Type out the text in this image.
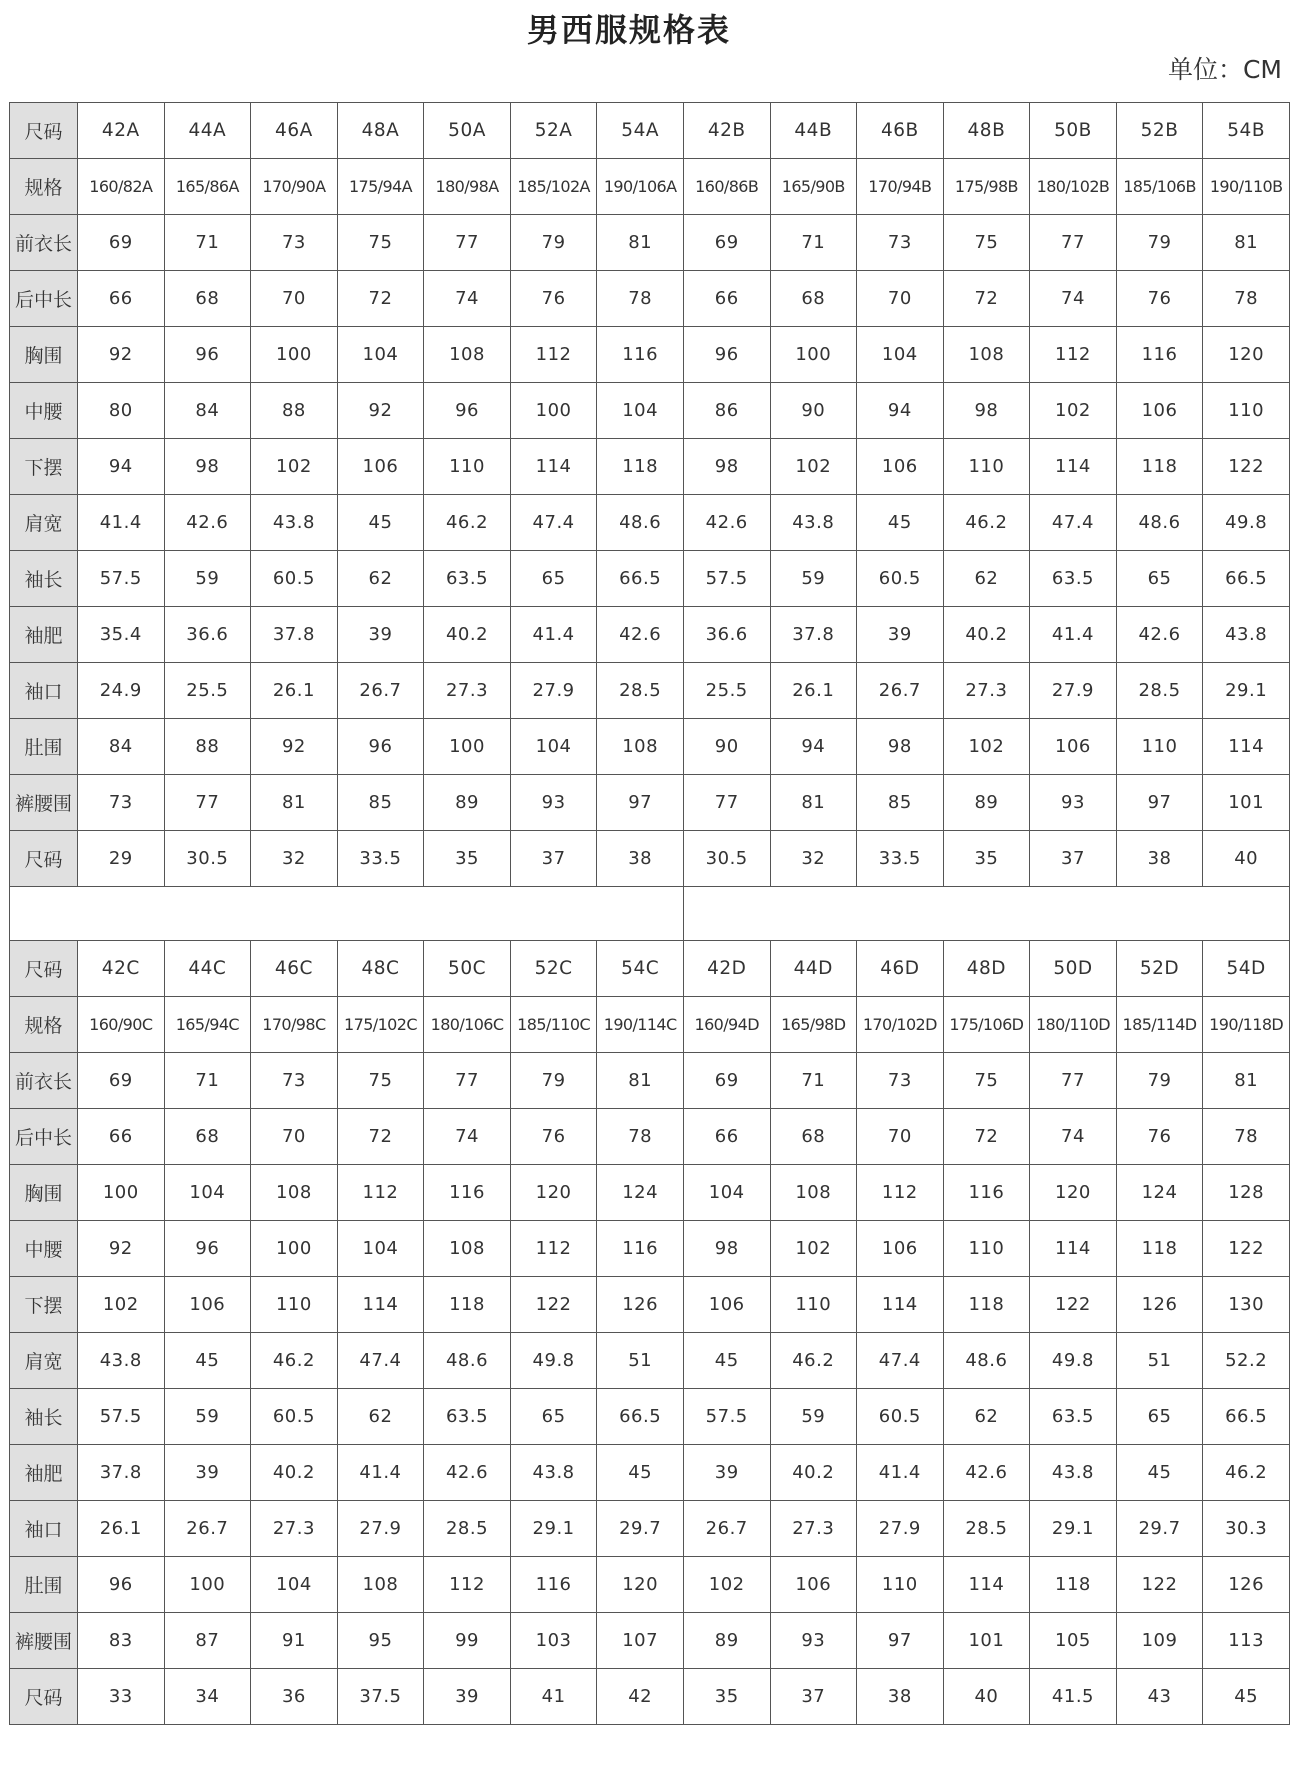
男西服规格表
单位：CM
尺码	42A	44A	46A	48A	50A	52A	54A	42B	44B	46B	48B	50B	52B	54B
规格	160/82A	165/86A	170/90A	175/94A	180/98A	185/102A	190/106A	160/86B	165/90B	170/94B	175/98B	180/102B	185/106B	190/110B
前衣长	69	71	73	75	77	79	81	69	71	73	75	77	79	81
后中长	66	68	70	72	74	76	78	66	68	70	72	74	76	78
胸围	92	96	100	104	108	112	116	96	100	104	108	112	116	120
中腰	80	84	88	92	96	100	104	86	90	94	98	102	106	110
下摆	94	98	102	106	110	114	118	98	102	106	110	114	118	122
肩宽	41.4	42.6	43.8	45	46.2	47.4	48.6	42.6	43.8	45	46.2	47.4	48.6	49.8
袖长	57.5	59	60.5	62	63.5	65	66.5	57.5	59	60.5	62	63.5	65	66.5
袖肥	35.4	36.6	37.8	39	40.2	41.4	42.6	36.6	37.8	39	40.2	41.4	42.6	43.8
袖口	24.9	25.5	26.1	26.7	27.3	27.9	28.5	25.5	26.1	26.7	27.3	27.9	28.5	29.1
肚围	84	88	92	96	100	104	108	90	94	98	102	106	110	114
裤腰围	73	77	81	85	89	93	97	77	81	85	89	93	97	101
尺码	29	30.5	32	33.5	35	37	38	30.5	32	33.5	35	37	38	40

尺码	42C	44C	46C	48C	50C	52C	54C	42D	44D	46D	48D	50D	52D	54D
规格	160/90C	165/94C	170/98C	175/102C	180/106C	185/110C	190/114C	160/94D	165/98D	170/102D	175/106D	180/110D	185/114D	190/118D
前衣长	69	71	73	75	77	79	81	69	71	73	75	77	79	81
后中长	66	68	70	72	74	76	78	66	68	70	72	74	76	78
胸围	100	104	108	112	116	120	124	104	108	112	116	120	124	128
中腰	92	96	100	104	108	112	116	98	102	106	110	114	118	122
下摆	102	106	110	114	118	122	126	106	110	114	118	122	126	130
肩宽	43.8	45	46.2	47.4	48.6	49.8	51	45	46.2	47.4	48.6	49.8	51	52.2
袖长	57.5	59	60.5	62	63.5	65	66.5	57.5	59	60.5	62	63.5	65	66.5
袖肥	37.8	39	40.2	41.4	42.6	43.8	45	39	40.2	41.4	42.6	43.8	45	46.2
袖口	26.1	26.7	27.3	27.9	28.5	29.1	29.7	26.7	27.3	27.9	28.5	29.1	29.7	30.3
肚围	96	100	104	108	112	116	120	102	106	110	114	118	122	126
裤腰围	83	87	91	95	99	103	107	89	93	97	101	105	109	113
尺码	33	34	36	37.5	39	41	42	35	37	38	40	41.5	43	45
